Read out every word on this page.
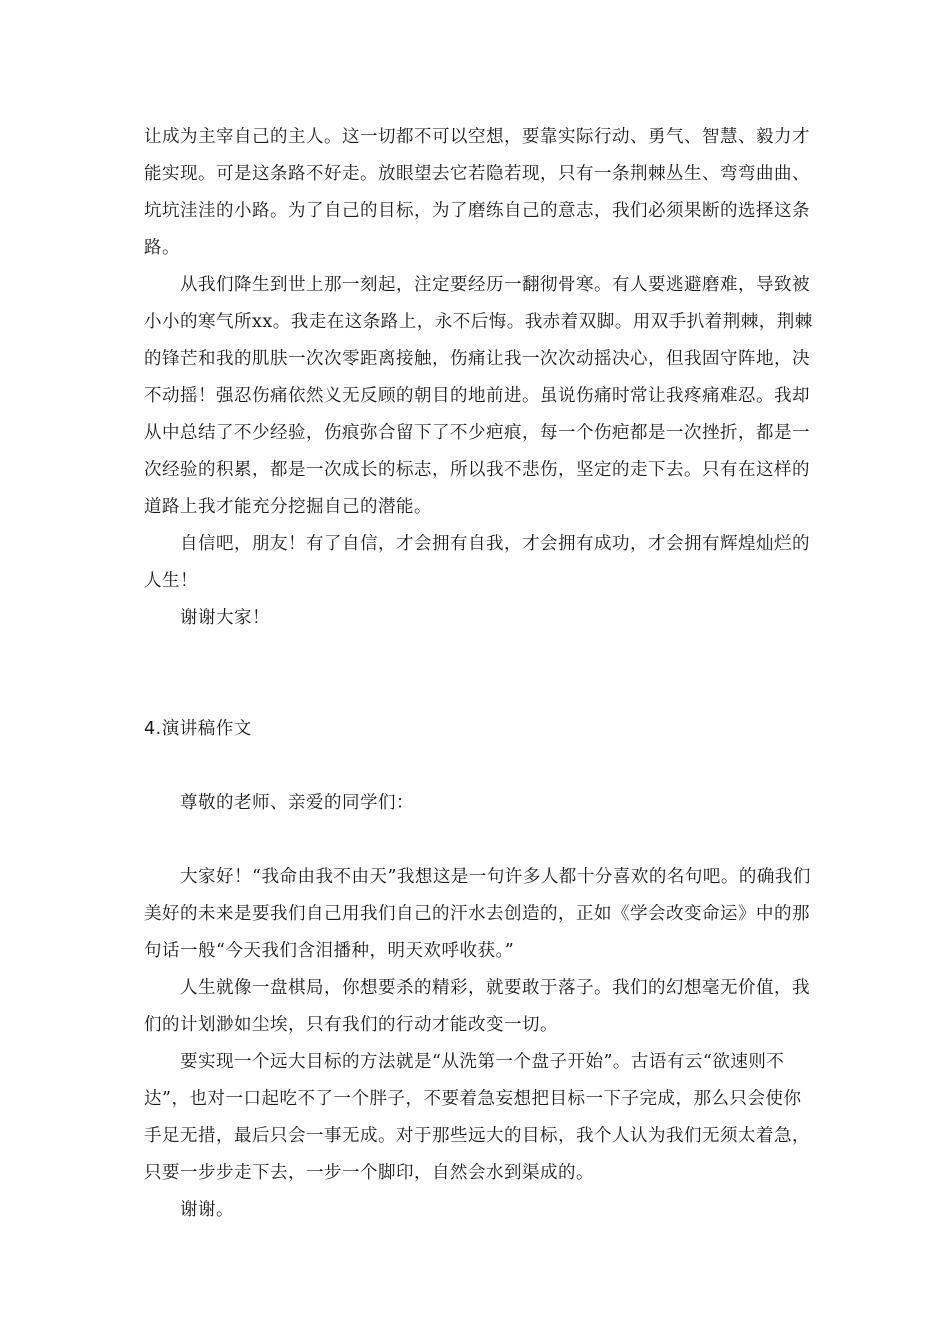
让成为主宰自己的主人。这一切都不可以空想，要靠实际行动、勇气、智慧、毅力才能实现。可是这条路不好走。放眼望去它若隐若现，只有一条荆棘丛生、弯弯曲曲、坑坑洼洼的小路。为了自己的目标，为了磨练自己的意志，我们必须果断的选择这条路。

从我们降生到世上那一刻起，注定要经历一翻彻骨寒。有人要逃避磨难，导致被小小的寒气所xx。我走在这条路上，永不后悔。我赤着双脚。用双手扒着荆棘，荆棘的锋芒和我的肌肤一次次零距离接触，伤痛让我一次次动摇决心，但我固守阵地，决不动摇！强忍伤痛依然义无反顾的朝目的地前进。虽说伤痛时常让我疼痛难忍。我却从中总结了不少经验，伤痕弥合留下了不少疤痕，每一个伤疤都是一次挫折，都是一次经验的积累，都是一次成长的标志，所以我不悲伤，坚定的走下去。只有在这样的道路上我才能充分挖掘自己的潜能。

自信吧，朋友！有了自信，才会拥有自我，才会拥有成功，才会拥有辉煌灿烂的人生！

谢谢大家！

4.演讲稿作文

尊敬的老师、亲爱的同学们：

大家好！“我命由我不由天”我想这是一句许多人都十分喜欢的名句吧。的确我们美好的未来是要我们自己用我们自己的汗水去创造的，正如《学会改变命运》中的那句话一般“今天我们含泪播种，明天欢呼收获。”

人生就像一盘棋局，你想要杀的精彩，就要敢于落子。我们的幻想毫无价值，我们的计划渺如尘埃，只有我们的行动才能改变一切。

要实现一个远大目标的方法就是“从洗第一个盘子开始”。古语有云“欲速则不达”，也对一口起吃不了一个胖子，不要着急妄想把目标一下子完成，那么只会使你手足无措，最后只会一事无成。对于那些远大的目标，我个人认为我们无须太着急，只要一步步走下去，一步一个脚印，自然会水到渠成的。

谢谢。
